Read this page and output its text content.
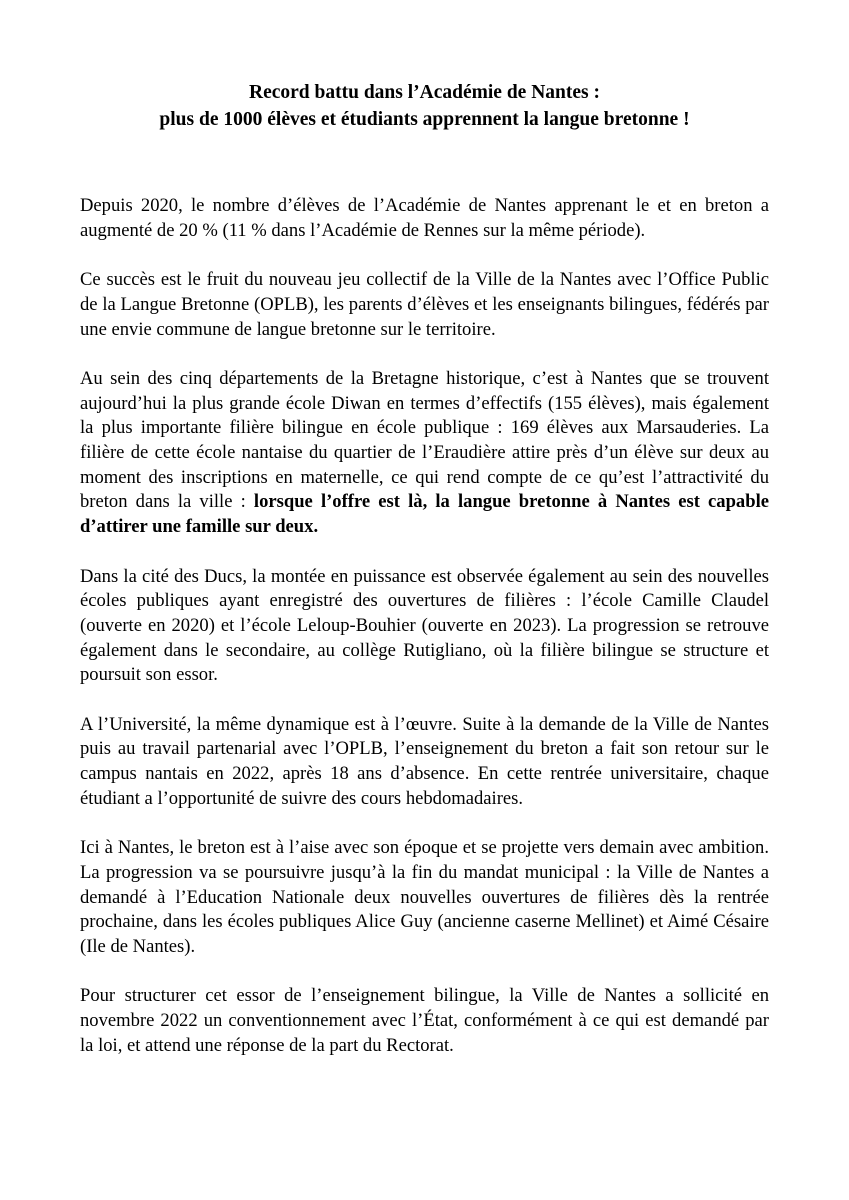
Record battu dans l’Académie de Nantes :
plus de 1000 élèves et étudiants apprennent la langue bretonne !

Depuis 2020, le nombre d’élèves de l’Académie de Nantes apprenant le et en breton a augmenté de 20 % (11 % dans l’Académie de Rennes sur la même période).

Ce succès est le fruit du nouveau jeu collectif de la Ville de la Nantes avec l’Office Public de la Langue Bretonne (OPLB), les parents d’élèves et les enseignants bilingues, fédérés par une envie commune de langue bretonne sur le territoire.

Au sein des cinq départements de la Bretagne historique, c’est à Nantes que se trouvent aujourd’hui la plus grande école Diwan en termes d’effectifs (155 élèves), mais également la plus importante filière bilingue en école publique : 169 élèves aux Marsauderies. La filière de cette école nantaise du quartier de l’Eraudière attire près d’un élève sur deux au moment des inscriptions en maternelle, ce qui rend compte de ce qu’est l’attractivité du breton dans la ville : lorsque l’offre est là, la langue bretonne à Nantes est capable d’attirer une famille sur deux.

Dans la cité des Ducs, la montée en puissance est observée également au sein des nouvelles écoles publiques ayant enregistré des ouvertures de filières : l’école Camille Claudel (ouverte en 2020) et l’école Leloup-Bouhier (ouverte en 2023). La progression se retrouve également dans le secondaire, au collège Rutigliano, où la filière bilingue se structure et poursuit son essor.

A l’Université, la même dynamique est à l’œuvre. Suite à la demande de la Ville de Nantes puis au travail partenarial avec l’OPLB, l’enseignement du breton a fait son retour sur le campus nantais en 2022, après 18 ans d’absence. En cette rentrée universitaire, chaque étudiant a l’opportunité de suivre des cours hebdomadaires.

Ici à Nantes, le breton est à l’aise avec son époque et se projette vers demain avec ambition. La progression va se poursuivre jusqu’à la fin du mandat municipal : la Ville de Nantes a demandé à l’Education Nationale deux nouvelles ouvertures de filières dès la rentrée prochaine, dans les écoles publiques Alice Guy (ancienne caserne Mellinet) et Aimé Césaire (Ile de Nantes).

Pour structurer cet essor de l’enseignement bilingue, la Ville de Nantes a sollicité en novembre 2022 un conventionnement avec l’État, conformément à ce qui est demandé par la loi, et attend une réponse de la part du Rectorat.
